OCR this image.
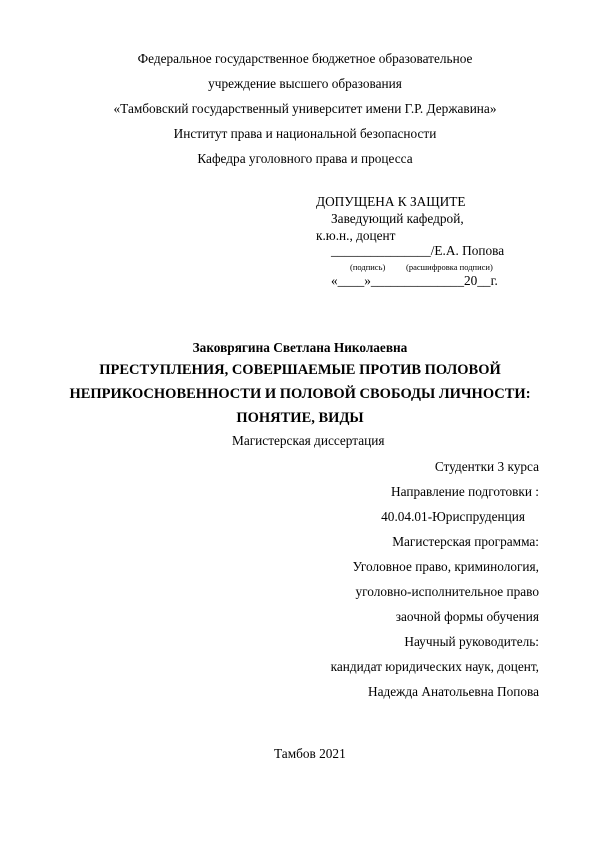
Федеральное государственное бюджетное образовательное
учреждение высшего образования
«Тамбовский государственный университет имени Г.Р. Державина»
Институт права и национальной безопасности
Кафедра уголовного права и процесса
ДОПУЩЕНА К ЗАЩИТЕ
Заведующий кафедрой,
к.ю.н., доцент
_______________/Е.А. Попова
(подпись) (расшифровка подписи)
«____»______________20__г.
Заковрягина Светлана Николаевна
ПРЕСТУПЛЕНИЯ, СОВЕРШАЕМЫЕ ПРОТИВ ПОЛОВОЙ
НЕПРИКОСНОВЕННОСТИ И ПОЛОВОЙ СВОБОДЫ ЛИЧНОСТИ:
ПОНЯТИЕ, ВИДЫ
Магистерская диссертация
Студентки 3 курса
Направление подготовки :
40.04.01-Юриспруденция
Магистерская программа:
Уголовное право, криминология,
уголовно-исполнительное право
заочной формы обучения
Научный руководитель:
кандидат юридических наук, доцент,
Надежда Анатольевна Попова
Тамбов 2021
